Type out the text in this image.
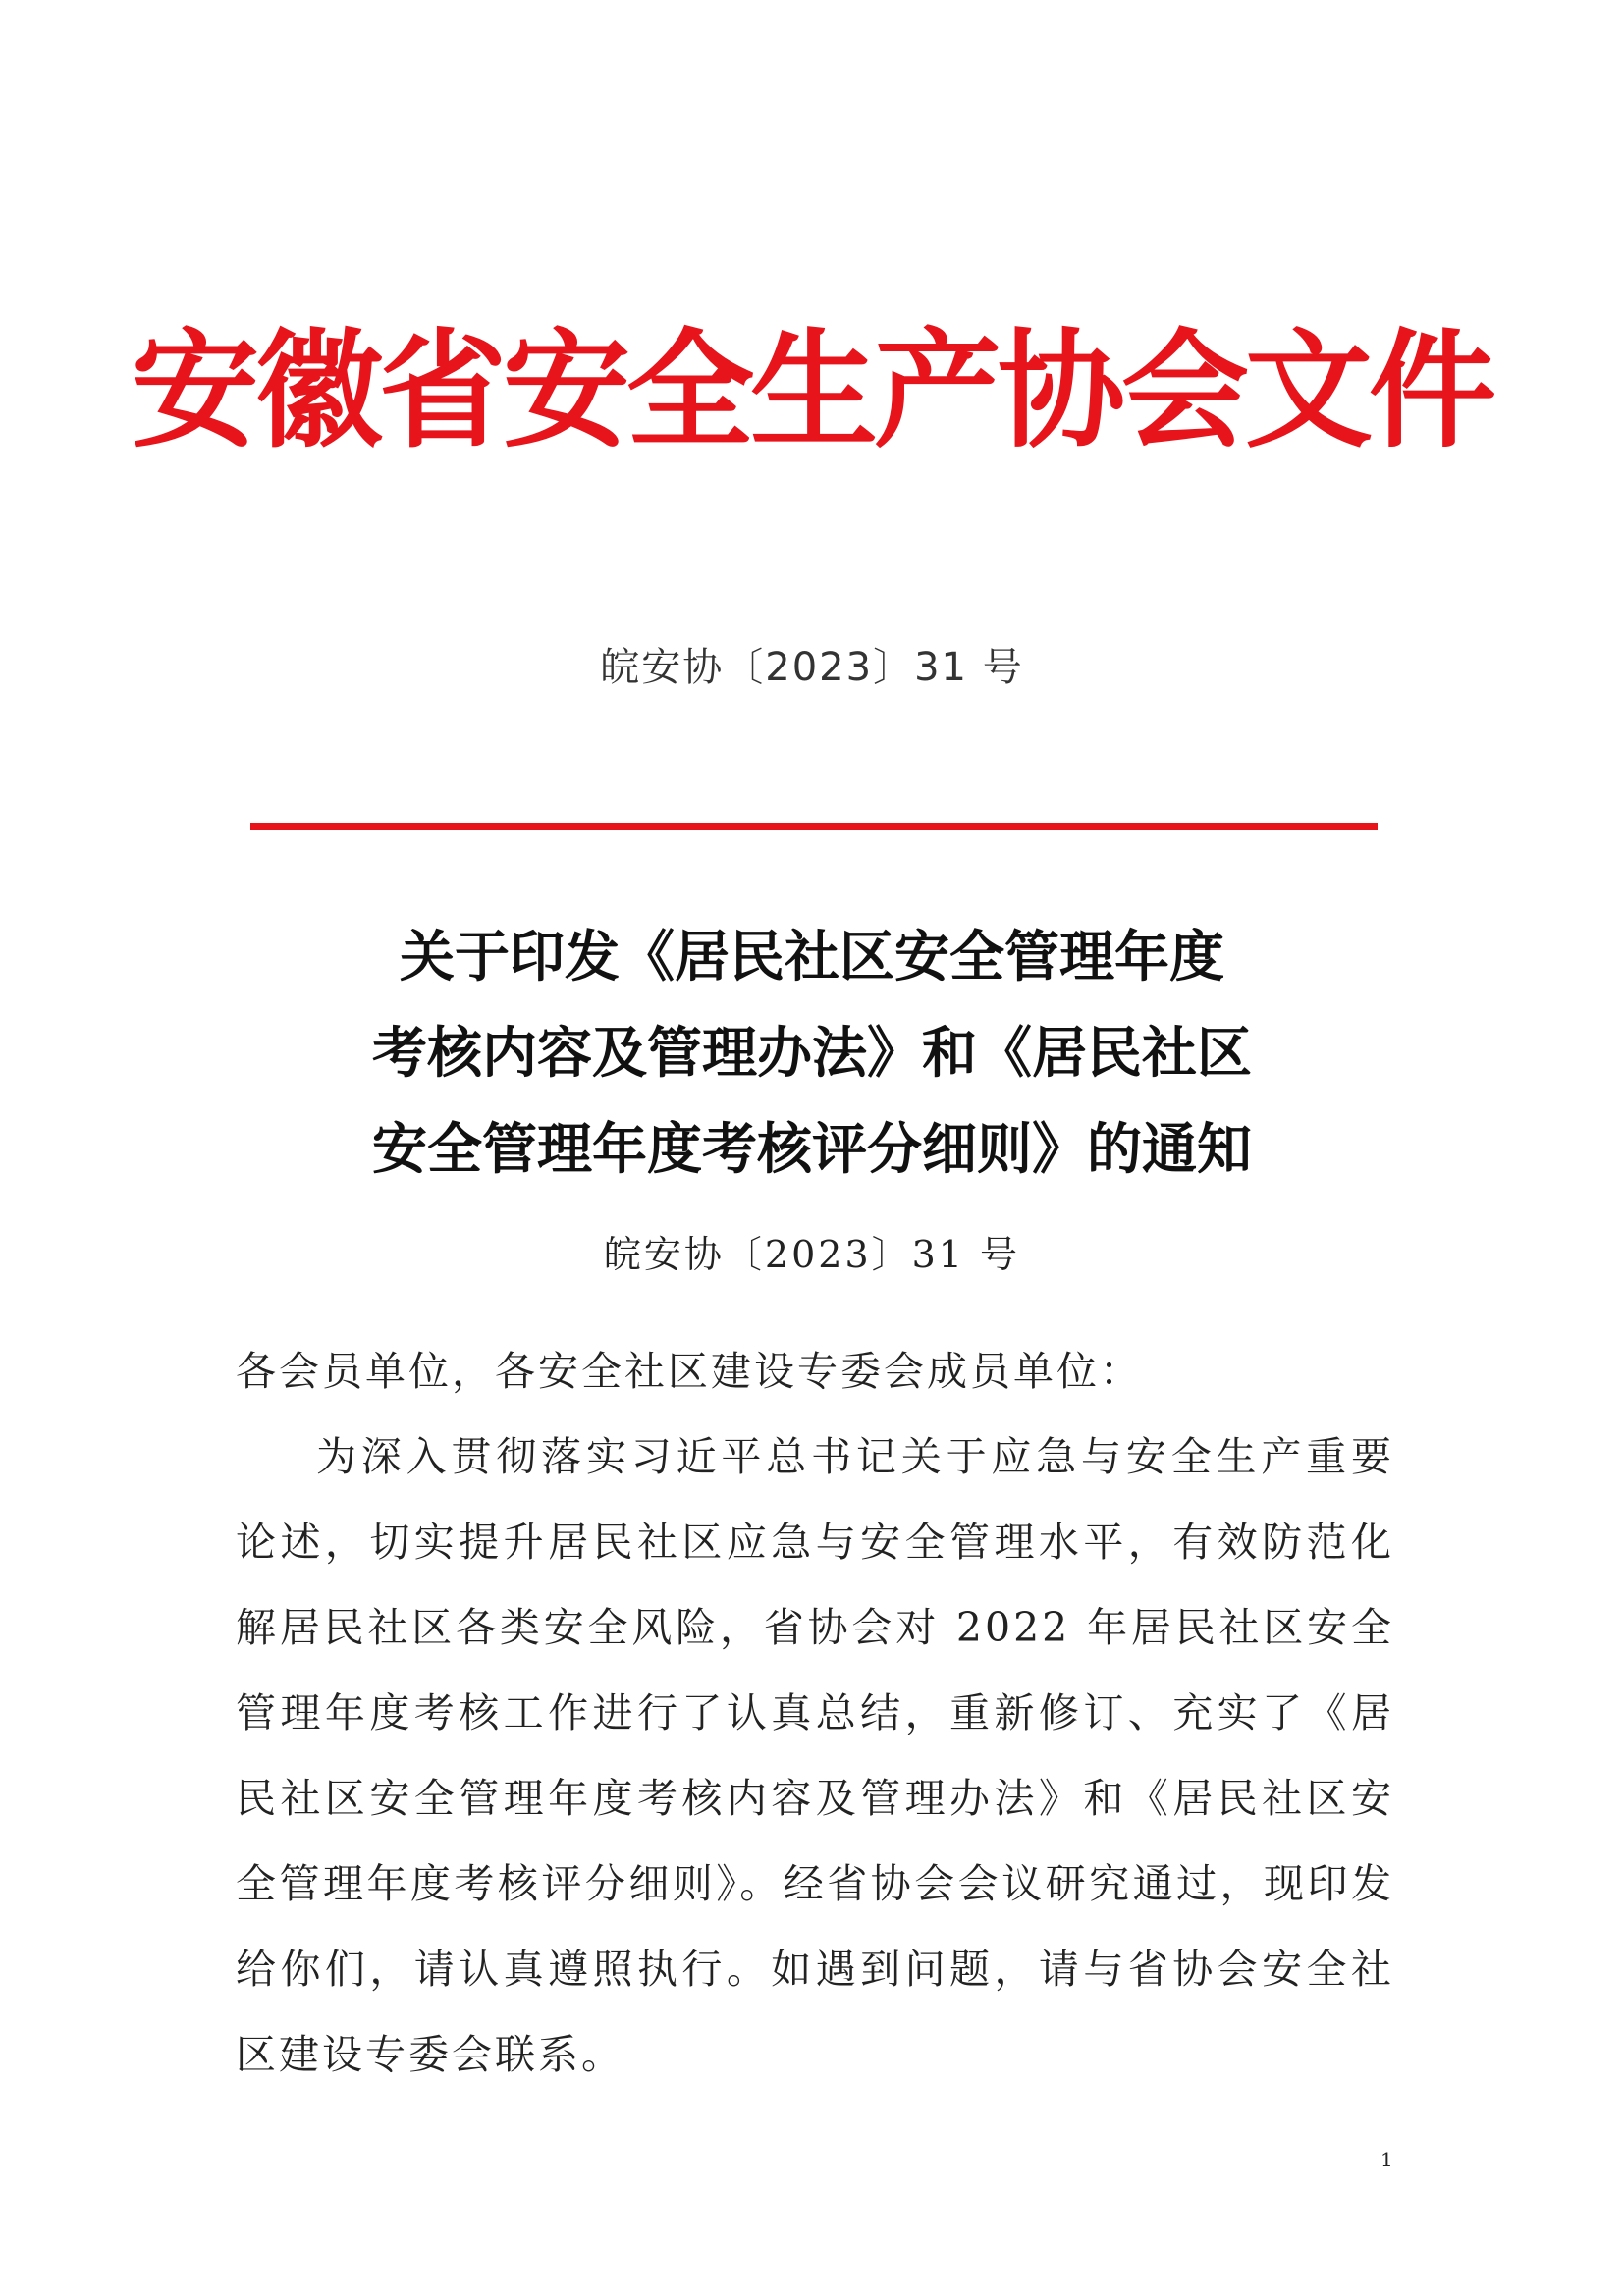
安徽省安全生产协会文件
皖安协〔2023〕31 号
关于印发《居民社区安全管理年度
考核内容及管理办法》和《居民社区
安全管理年度考核评分细则》的通知
皖安协〔2023〕31 号

各会员单位，各安全社区建设专委会成员单位：

为深入贯彻落实习近平总书记关于应急与安全生产重要论述，切实提升居民社区应急与安全管理水平，有效防范化解居民社区各类安全风险，省协会对 2022 年居民社区安全管理年度考核工作进行了认真总结，重新修订、充实了《居民社区安全管理年度考核内容及管理办法》和《居民社区安全管理年度考核评分细则》。经省协会会议研究通过，现印发给你们，请认真遵照执行。如遇到问题，请与省协会安全社区建设专委会联系。

1
